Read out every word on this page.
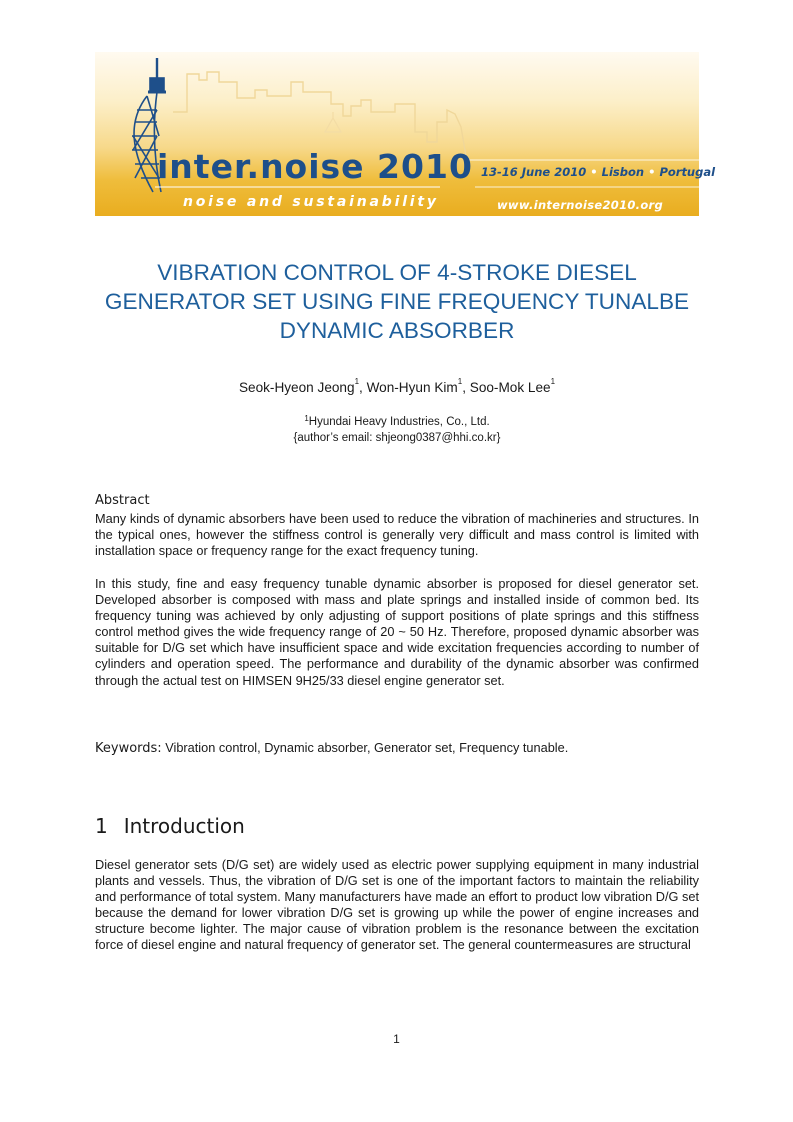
inter.noise 2010
noise and sustainability
13-16 June 2010 • Lisbon • Portugal
www.internoise2010.org
VIBRATION CONTROL OF 4-STROKE DIESEL GENERATOR SET USING FINE FREQUENCY TUNALBE DYNAMIC ABSORBER
Seok-Hyeon Jeong$^1$, Won-Hyun Kim$^1$, Soo-Mok Lee$^1$
$^1$Hyundai Heavy Industries, Co., Ltd.
{author’s email: shjeong0387@hhi.co.kr}
Abstract

Many kinds of dynamic absorbers have been used to reduce the vibration of machineries and structures. In the typical ones, however the stiffness control is generally very difficult and mass control is limited with installation space or frequency range for the exact frequency tuning.

In this study, fine and easy frequency tunable dynamic absorber is proposed for diesel generator set. Developed absorber is composed with mass and plate springs and installed inside of common bed. Its frequency tuning was achieved by only adjusting of support positions of plate springs and this stiffness control method gives the wide frequency range of 20 ~ 50 Hz. Therefore, proposed dynamic absorber was suitable for D/G set which have insufficient space and wide excitation frequencies according to number of cylinders and operation speed. The performance and durability of the dynamic absorber was confirmed through the actual test on HIMSEN 9H25/33 diesel engine generator set.

Keywords: Vibration control, Dynamic absorber, Generator set, Frequency tunable.
1 Introduction

Diesel generator sets (D/G set) are widely used as electric power supplying equipment in many industrial plants and vessels. Thus, the vibration of D/G set is one of the important factors to maintain the reliability and performance of total system. Many manufacturers have made an effort to product low vibration D/G set because the demand for lower vibration D/G set is growing up while the power of engine increases and structure become lighter. The major cause of vibration problem is the resonance between the excitation force of diesel engine and natural frequency of generator set. The general countermeasures are structural

1
